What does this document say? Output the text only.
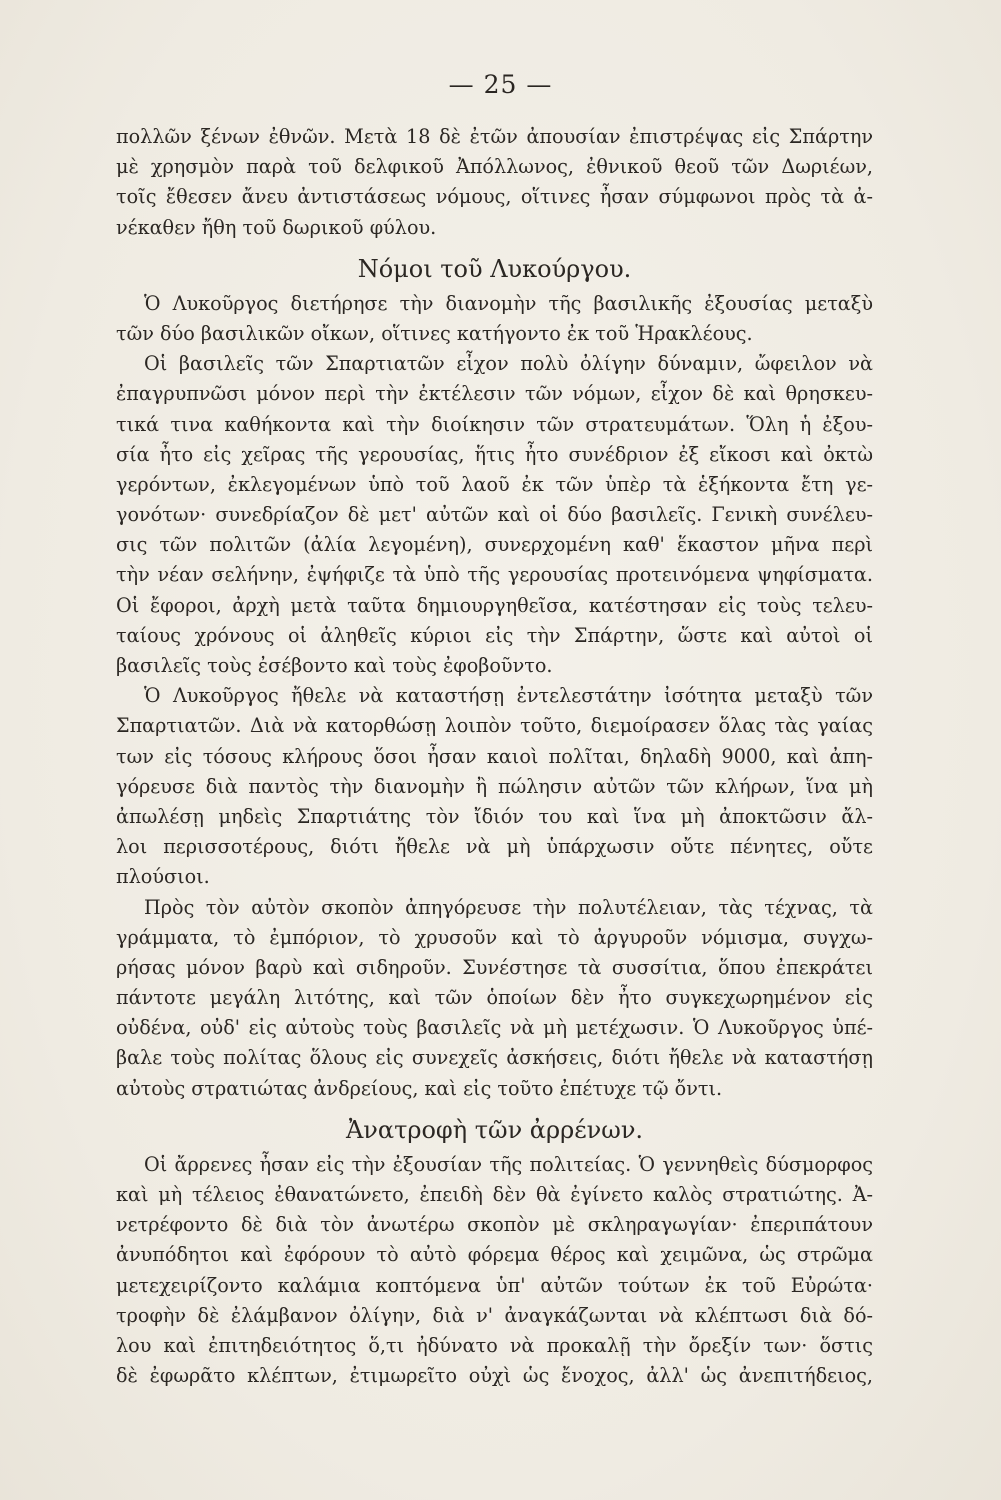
— 25 —
πολλῶν ξένων ἐθνῶν. Μετὰ 18 δὲ ἐτῶν ἀπουσίαν ἐπιστρέψας εἰς Σπάρτην
μὲ χρησμὸν παρὰ τοῦ δελφικοῦ Ἀπόλλωνος, ἐθνικοῦ θεοῦ τῶν Δωριέων,
τοῖς ἔθεσεν ἄνευ ἀντιστάσεως νόμους, οἵτινες ἦσαν σύμφωνοι πρὸς τὰ ἀ-
νέκαθεν ἤθη τοῦ δωρικοῦ φύλου.
Νόμοι τοῦ Λυκούργου.
Ὁ Λυκοῦργος διετήρησε τὴν διανομὴν τῆς βασιλικῆς ἐξουσίας μεταξὺ
τῶν δύο βασιλικῶν οἴκων, οἵτινες κατήγοντο ἐκ τοῦ Ἡρακλέους.
Οἱ βασιλεῖς τῶν Σπαρτιατῶν εἶχον πολὺ ὀλίγην δύναμιν, ὤφειλον νὰ
ἐπαγρυπνῶσι μόνον περὶ τὴν ἐκτέλεσιν τῶν νόμων, εἶχον δὲ καὶ θρησκευ-
τικά τινα καθήκοντα καὶ τὴν διοίκησιν τῶν στρατευμάτων. Ὅλη ἡ ἐξου-
σία ἦτο εἰς χεῖρας τῆς γερουσίας, ἥτις ἦτο συνέδριον ἐξ εἴκοσι καὶ ὀκτὼ
γερόντων, ἐκλεγομένων ὑπὸ τοῦ λαοῦ ἐκ τῶν ὑπὲρ τὰ ἑξήκοντα ἔτη γε-
γονότων· συνεδρίαζον δὲ μετ' αὐτῶν καὶ οἱ δύο βασιλεῖς. Γενικὴ συνέλευ-
σις τῶν πολιτῶν (ἀλία λεγομένη), συνερχομένη καθ' ἕκαστον μῆνα περὶ
τὴν νέαν σελήνην, ἐψήφιζε τὰ ὑπὸ τῆς γερουσίας προτεινόμενα ψηφίσματα.
Οἱ ἔφοροι, ἀρχὴ μετὰ ταῦτα δημιουργηθεῖσα, κατέστησαν εἰς τοὺς τελευ-
ταίους χρόνους οἱ ἀληθεῖς κύριοι εἰς τὴν Σπάρτην, ὥστε καὶ αὐτοὶ οἱ
βασιλεῖς τοὺς ἐσέβοντο καὶ τοὺς ἐφοβοῦντο.
Ὁ Λυκοῦργος ἤθελε νὰ καταστήσῃ ἐντελεστάτην ἰσότητα μεταξὺ τῶν
Σπαρτιατῶν. Διὰ νὰ κατορθώσῃ λοιπὸν τοῦτο, διεμοίρασεν ὅλας τὰς γαίας
των εἰς τόσους κλήρους ὅσοι ἦσαν καιοὶ πολῖται, δηλαδὴ 9000, καὶ ἀπη-
γόρευσε διὰ παντὸς τὴν διανομὴν ἢ πώλησιν αὐτῶν τῶν κλήρων, ἵνα μὴ
ἀπωλέσῃ μηδεὶς Σπαρτιάτης τὸν ἴδιόν του καὶ ἵνα μὴ ἀποκτῶσιν ἄλ-
λοι περισσοτέρους, διότι ἤθελε νὰ μὴ ὑπάρχωσιν οὔτε πένητες, οὔτε
πλούσιοι.
Πρὸς τὸν αὐτὸν σκοπὸν ἀπηγόρευσε τὴν πολυτέλειαν, τὰς τέχνας, τὰ
γράμματα, τὸ ἐμπόριον, τὸ χρυσοῦν καὶ τὸ ἀργυροῦν νόμισμα, συγχω-
ρήσας μόνον βαρὺ καὶ σιδηροῦν. Συνέστησε τὰ συσσίτια, ὅπου ἐπεκράτει
πάντοτε μεγάλη λιτότης, καὶ τῶν ὁποίων δὲν ἦτο συγκεχωρημένον εἰς
οὐδένα, οὐδ' εἰς αὐτοὺς τοὺς βασιλεῖς νὰ μὴ μετέχωσιν. Ὁ Λυκοῦργος ὑπέ-
βαλε τοὺς πολίτας ὅλους εἰς συνεχεῖς ἀσκήσεις, διότι ἤθελε νὰ καταστήσῃ
αὐτοὺς στρατιώτας ἀνδρείους, καὶ εἰς τοῦτο ἐπέτυχε τῷ ὄντι.
Ἀνατροφὴ τῶν ἀρρένων.
Οἱ ἄρρενες ἦσαν εἰς τὴν ἐξουσίαν τῆς πολιτείας. Ὁ γεννηθεὶς δύσμορφος
καὶ μὴ τέλειος ἐθανατώνετο, ἐπειδὴ δὲν θὰ ἐγίνετο καλὸς στρατιώτης. Ἀ-
νετρέφοντο δὲ διὰ τὸν ἀνωτέρω σκοπὸν μὲ σκληραγωγίαν· ἐπεριπάτουν
ἀνυπόδητοι καὶ ἐφόρουν τὸ αὐτὸ φόρεμα θέρος καὶ χειμῶνα, ὡς στρῶμα
μετεχειρίζοντο καλάμια κοπτόμενα ὑπ' αὐτῶν τούτων ἐκ τοῦ Εὐρώτα·
τροφὴν δὲ ἐλάμβανον ὀλίγην, διὰ ν' ἀναγκάζωνται νὰ κλέπτωσι διὰ δό-
λου καὶ ἐπιτηδειότητος ὅ,τι ἠδύνατο νὰ προκαλῇ τὴν ὄρεξίν των· ὅστις
δὲ ἐφωρᾶτο κλέπτων, ἐτιμωρεῖτο οὐχὶ ὡς ἔνοχος, ἀλλ' ὡς ἀνεπιτήδειος,
